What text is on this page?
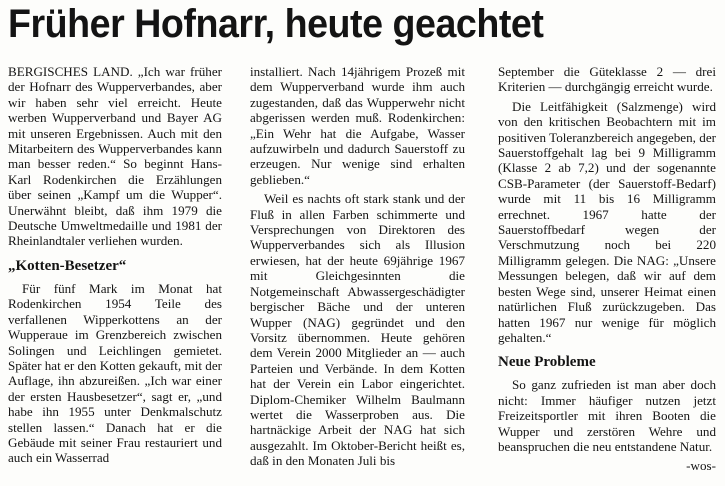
Früher Hofnarr, heute geachtet

BERGISCHES LAND. „Ich war früher der Hofnarr des Wupperverbandes, aber wir haben sehr viel erreicht. Heute werben Wupperverband und Bayer AG mit unseren Ergebnissen. Auch mit den Mitarbeitern des Wupperverbandes kann man besser reden.“ So beginnt Hans-Karl Rodenkirchen die Erzählungen über seinen „Kampf um die Wupper“. Unerwähnt bleibt, daß ihm 1979 die Deutsche Umweltmedaille und 1981 der Rheinlandtaler verliehen wurden.

„Kotten-Besetzer“

Für fünf Mark im Monat hat Rodenkirchen 1954 Teile des verfallenen Wipperkottens an der Wupperaue im Grenzbereich zwischen Solingen und Leichlingen gemietet. Später hat er den Kotten gekauft, mit der Auflage, ihn abzureißen. „Ich war einer der ersten Hausbesetzer“, sagt er, „und habe ihn 1955 unter Denkmalschutz stellen lassen.“ Danach hat er die Gebäude mit seiner Frau restauriert und auch ein Wasserrad

installiert. Nach 14jährigem Prozeß mit dem Wupperverband wurde ihm auch zugestanden, daß das Wupperwehr nicht abgerissen werden muß. Rodenkirchen: „Ein Wehr hat die Aufgabe, Wasser aufzuwirbeln und dadurch Sauerstoff zu erzeugen. Nur wenige sind erhalten geblieben.“

Weil es nachts oft stark stank und der Fluß in allen Farben schimmerte und Versprechungen von Direktoren des Wupperverbandes sich als Illusion erwiesen, hat der heute 69jährige 1967 mit Gleichgesinnten die Notgemeinschaft Abwassergeschädigter bergischer Bäche und der unteren Wupper (NAG) gegründet und den Vorsitz übernommen. Heute gehören dem Verein 2000 Mitglieder an — auch Parteien und Verbände. In dem Kotten hat der Verein ein Labor eingerichtet. Diplom-Chemiker Wilhelm Baulmann wertet die Wasserproben aus. Die hartnäckige Arbeit der NAG hat sich ausgezahlt. Im Oktober-Bericht heißt es, daß in den Monaten Juli bis

September die Güteklasse 2 — drei Kriterien — durchgängig erreicht wurde.

Die Leitfähigkeit (Salzmenge) wird von den kritischen Beobachtern mit im positiven Toleranzbereich angegeben, der Sauerstoffgehalt lag bei 9 Milligramm (Klasse 2 ab 7,2) und der sogenannte CSB-Parameter (der Sauerstoff-Bedarf) wurde mit 11 bis 16 Milligramm errechnet. 1967 hatte der Sauerstoffbedarf wegen der Verschmutzung noch bei 220 Milligramm gelegen. Die NAG: „Unsere Messungen belegen, daß wir auf dem besten Wege sind, unserer Heimat einen natürlichen Fluß zurückzugeben. Das hatten 1967 nur wenige für möglich gehalten.“

Neue Probleme

So ganz zufrieden ist man aber doch nicht: Immer häufiger nutzen jetzt Freizeitsportler mit ihren Booten die Wupper und zerstören Wehre und beanspruchen die neu entstandene Natur.

-wos-
